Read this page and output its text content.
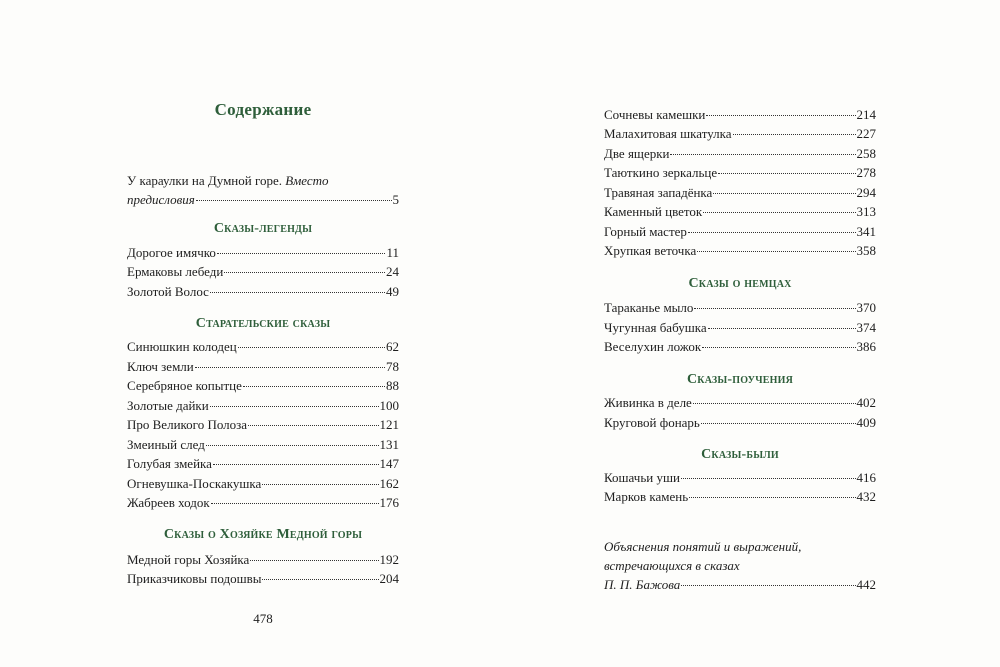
Содержание
У караулки на Думной горе. Вместо
предисловия	5
Сказы-легенды
Дорогое имячко	11
Ермаковы лебеди	24
Золотой Волос	49
Старательские сказы
Синюшкин колодец	62
Ключ земли	78
Серебряное копытце	88
Золотые дайки	100
Про Великого Полоза	121
Змеиный след	131
Голубая змейка	147
Огневушка-Поскакушка	162
Жабреев ходок	176
Сказы о Хозяйке Медной горы
Медной горы Хозяйка	192
Приказчиковы подошвы	204
478
Сочневы камешки	214
Малахитовая шкатулка	227
Две ящерки	258
Таюткино зеркальце	278
Травяная западёнка	294
Каменный цветок	313
Горный мастер	341
Хрупкая веточка	358
Сказы о немцах
Тараканье мыло	370
Чугунная бабушка	374
Веселухин ложок	386
Сказы-поучения
Живинка в деле	402
Круговой фонарь	409
Сказы-были
Кошачьи уши	416
Марков камень	432
Объяснения понятий и выражений,
встречающихся в сказах
П. П. Бажова	442
